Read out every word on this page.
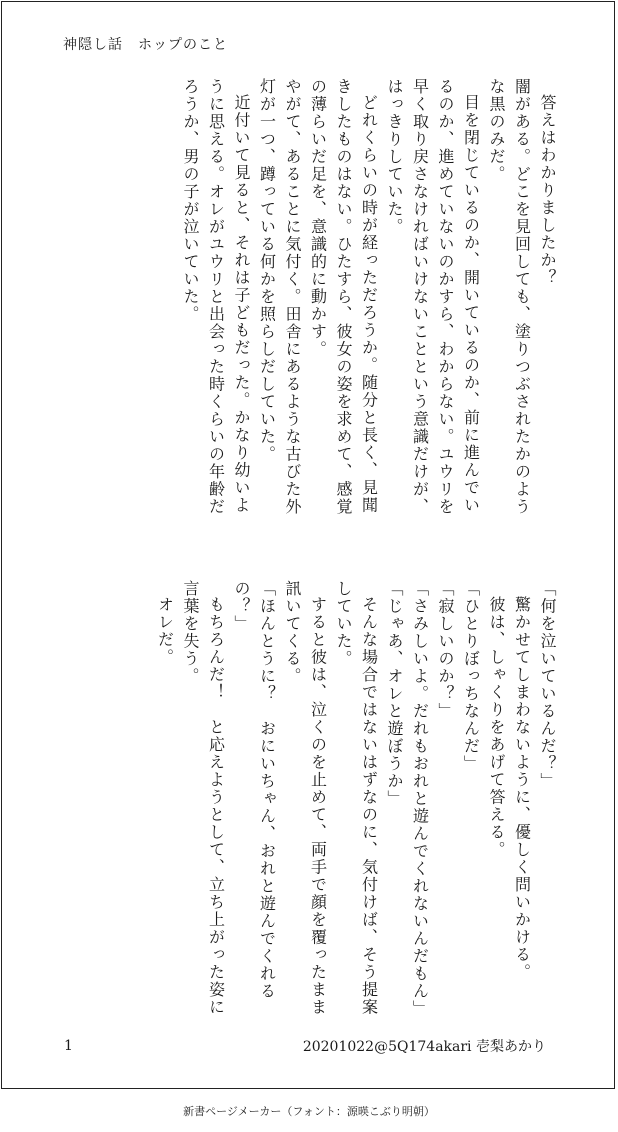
神隠し話　ホップのこと

答えはわかりましたか？

闇がある。どこを見回しても、塗りつぶされたかのような黒のみだ。

目を閉じているのか、開いているのか、前に進んでいるのか、進めていないのかすら、わからない。ユウリを早く取り戻さなければいけないことという意識だけが、はっきりしていた。

どれくらいの時が経っただろうか。随分と長く、見聞きしたものはない。ひたすら、彼女の姿を求めて、感覚の薄らいだ足を、意識的に動かす。

やがて、あることに気付く。田舎にあるような古びた外灯が一つ、蹲っている何かを照らしだしていた。

近付いて見ると、それは子どもだった。かなり幼いように思える。オレがユウリと出会った時くらいの年齢だろうか、男の子が泣いていた。

「何を泣いているんだ？」

驚かせてしまわないように、優しく問いかける。

彼は、しゃくりをあげて答える。

「ひとりぼっちなんだ」

「寂しいのか？」

「さみしいよ。だれもおれと遊んでくれないんだもん」

「じゃあ、オレと遊ぼうか」

そんな場合ではないはずなのに、気付けば、そう提案していた。

すると彼は、泣くのを止めて、両手で顔を覆ったまま訊いてくる。

「ほんとうに？　おにいちゃん、おれと遊んでくれるの？」

もちろんだ！　と応えようとして、立ち上がった姿に言葉を失う。

オレだ。

1	20201022@5Q174akari 壱梨あかり
新書ページメーカー（フォント：源暎こぶり明朝）
